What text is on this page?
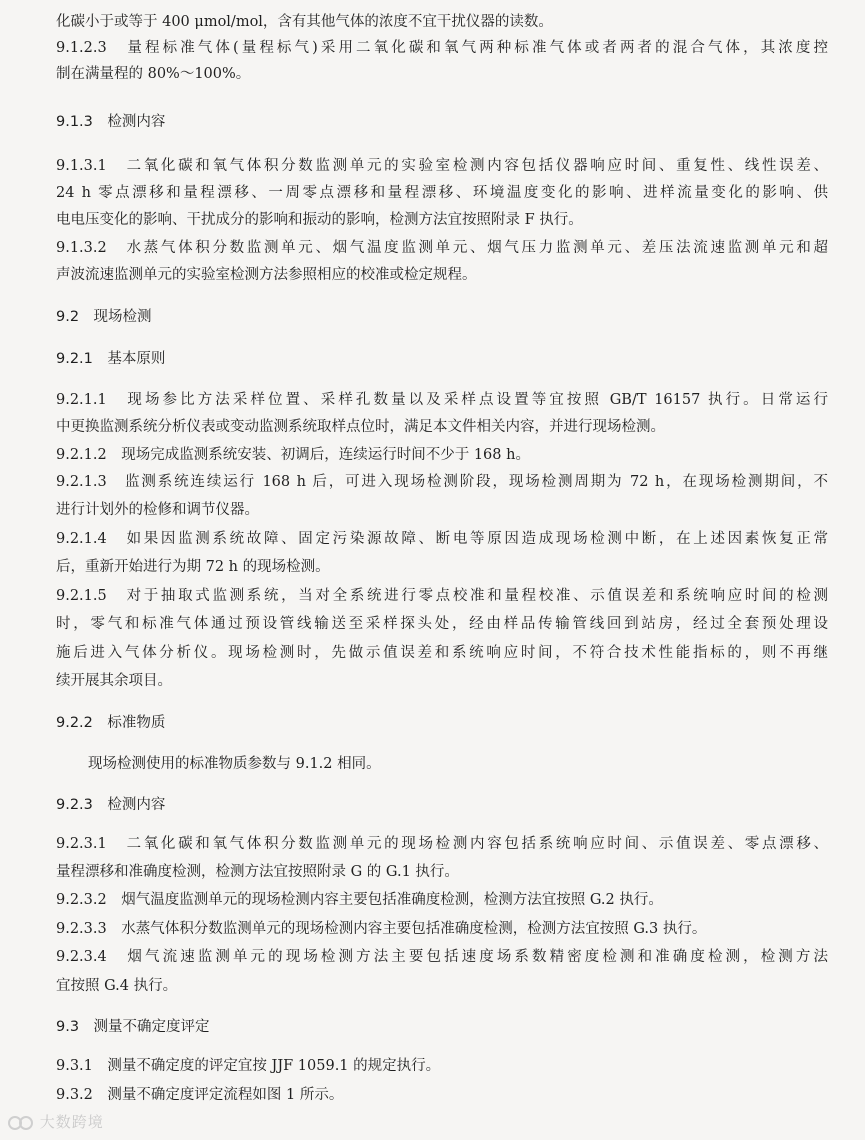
化碳小于或等于 400 μmol/mol，含有其他气体的浓度不宜干扰仪器的读数。
9.1.2.3　量程标准气体(量程标气)采用二氧化碳和氧气两种标准气体或者两者的混合气体，其浓度控
制在满量程的 80%～100%。
9.1.3　检测内容
9.1.3.1　二氧化碳和氧气体积分数监测单元的实验室检测内容包括仪器响应时间、重复性、线性误差、
24 h 零点漂移和量程漂移、一周零点漂移和量程漂移、环境温度变化的影响、进样流量变化的影响、供
电电压变化的影响、干扰成分的影响和振动的影响，检测方法宜按照附录 F 执行。
9.1.3.2　水蒸气体积分数监测单元、烟气温度监测单元、烟气压力监测单元、差压法流速监测单元和超
声波流速监测单元的实验室检测方法参照相应的校准或检定规程。
9.2　现场检测
9.2.1　基本原则
9.2.1.1　现场参比方法采样位置、采样孔数量以及采样点设置等宜按照 GB/T 16157 执行。日常运行
中更换监测系统分析仪表或变动监测系统取样点位时，满足本文件相关内容，并进行现场检测。
9.2.1.2　现场完成监测系统安装、初调后，连续运行时间不少于 168 h。
9.2.1.3　监测系统连续运行 168 h 后，可进入现场检测阶段，现场检测周期为 72 h，在现场检测期间，不
进行计划外的检修和调节仪器。
9.2.1.4　如果因监测系统故障、固定污染源故障、断电等原因造成现场检测中断，在上述因素恢复正常
后，重新开始进行为期 72 h 的现场检测。
9.2.1.5　对于抽取式监测系统，当对全系统进行零点校准和量程校准、示值误差和系统响应时间的检测
时，零气和标准气体通过预设管线输送至采样探头处，经由样品传输管线回到站房，经过全套预处理设
施后进入气体分析仪。现场检测时，先做示值误差和系统响应时间，不符合技术性能指标的，则不再继
续开展其余项目。
9.2.2　标准物质
现场检测使用的标准物质参数与 9.1.2 相同。
9.2.3　检测内容
9.2.3.1　二氧化碳和氧气体积分数监测单元的现场检测内容包括系统响应时间、示值误差、零点漂移、
量程漂移和准确度检测，检测方法宜按照附录 G 的 G.1 执行。
9.2.3.2　烟气温度监测单元的现场检测内容主要包括准确度检测，检测方法宜按照 G.2 执行。
9.2.3.3　水蒸气体积分数监测单元的现场检测内容主要包括准确度检测，检测方法宜按照 G.3 执行。
9.2.3.4　烟气流速监测单元的现场检测方法主要包括速度场系数精密度检测和准确度检测，检测方法
宜按照 G.4 执行。
9.3　测量不确定度评定
9.3.1　测量不确定度的评定宜按 JJF 1059.1 的规定执行。
9.3.2　测量不确定度评定流程如图 1 所示。
大数跨境
